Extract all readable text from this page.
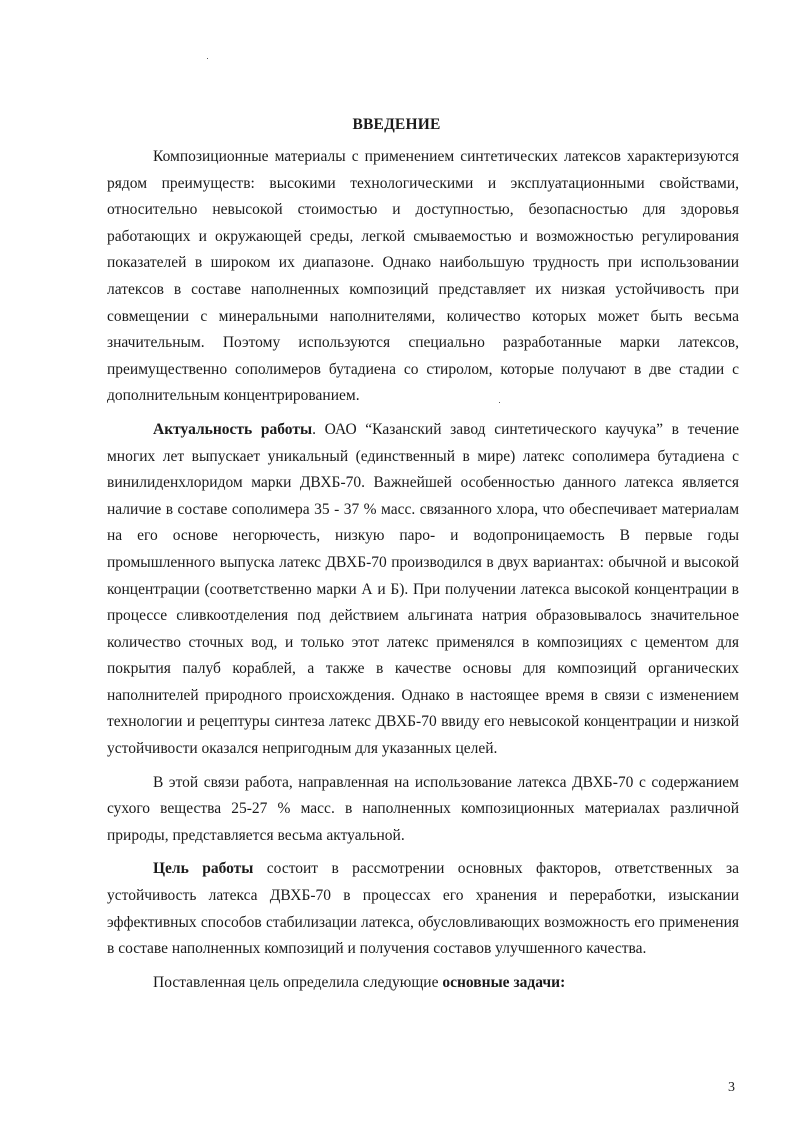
ВВЕДЕНИЕ

Композиционные материалы с применением синтетических латексов характеризуются рядом преимуществ: высокими технологическими и эксплуатационными свойствами, относительно невысокой стоимостью и доступностью, безопасностью для здоровья работающих и окружающей среды, легкой смываемостью и возможностью регулирования показателей в широком их диапазоне. Однако наибольшую трудность при использовании латексов в составе наполненных композиций представляет их низкая устойчивость при совмещении с минеральными наполнителями, количество которых может быть весьма значительным. Поэтому используются специально разработанные марки латексов, преимущественно сополимеров бутадиена со стиролом, которые получают в две стадии с дополнительным концентрированием.

Актуальность работы. ОАО “Казанский завод синтетического каучука” в течение многих лет выпускает уникальный (единственный в мире) латекс сополимера бутадиена с винилиденхлоридом марки ДВХБ-70. Важнейшей особенностью данного латекса является наличие в составе сополимера 35 - 37 % масс. связанного хлора, что обеспечивает материалам на его основе негорючесть, низкую паро- и водопроницаемость В первые годы промышленного выпуска латекс ДВХБ-70 производился в двух вариантах: обычной и высокой концентрации (соответственно марки А и Б). При получении латекса высокой концентрации в процессе сливкоотделения под действием альгината натрия образовывалось значительное количество сточных вод, и только этот латекс применялся в композициях с цементом для покрытия палуб кораблей, а также в качестве основы для композиций органических наполнителей природного происхождения. Однако в настоящее время в связи с изменением технологии и рецептуры синтеза латекс ДВХБ-70 ввиду его невысокой концентрации и низкой устойчивости оказался непригодным для указанных целей.

В этой связи работа, направленная на использование латекса ДВХБ-70 с содержанием сухого вещества 25-27 % масс. в наполненных композиционных материалах различной природы, представляется весьма актуальной.

Цель работы состоит в рассмотрении основных факторов, ответственных за устойчивость латекса ДВХБ-70 в процессах его хранения и переработки, изыскании эффективных способов стабилизации латекса, обусловливающих возможность его применения в составе наполненных композиций и получения составов улучшенного качества.

Поставленная цель определила следующие основные задачи:

3
